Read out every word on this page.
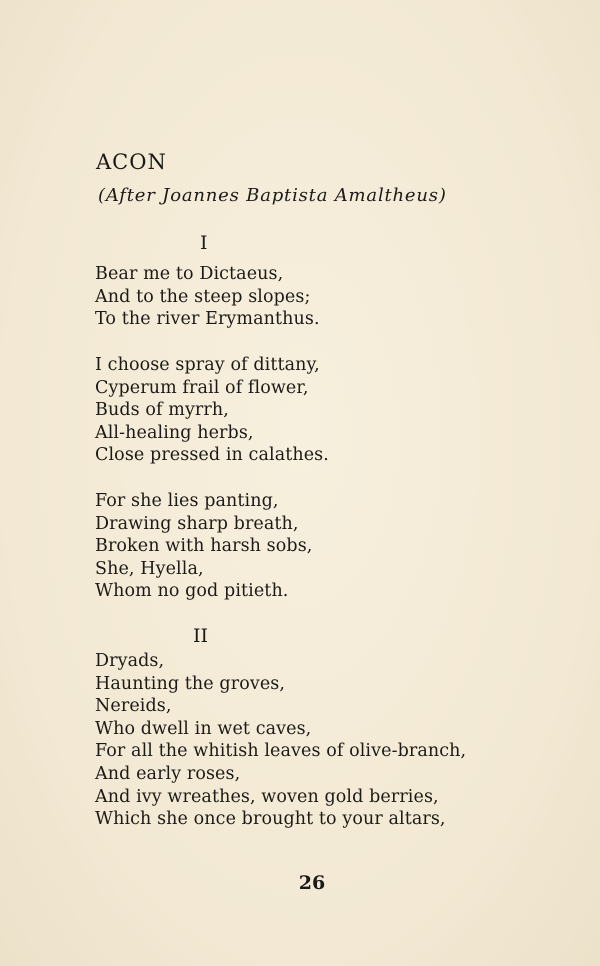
ACON
(After Joannes Baptista Amaltheus)
I
Bear me to Dictaeus,
And to the steep slopes;
To the river Erymanthus.
I choose spray of dittany,
Cyperum frail of flower,
Buds of myrrh,
All-healing herbs,
Close pressed in calathes.
For she lies panting,
Drawing sharp breath,
Broken with harsh sobs,
She, Hyella,
Whom no god pitieth.
II
Dryads,
Haunting the groves,
Nereids,
Who dwell in wet caves,
For all the whitish leaves of olive-branch,
And early roses,
And ivy wreathes, woven gold berries,
Which she once brought to your altars,
26
